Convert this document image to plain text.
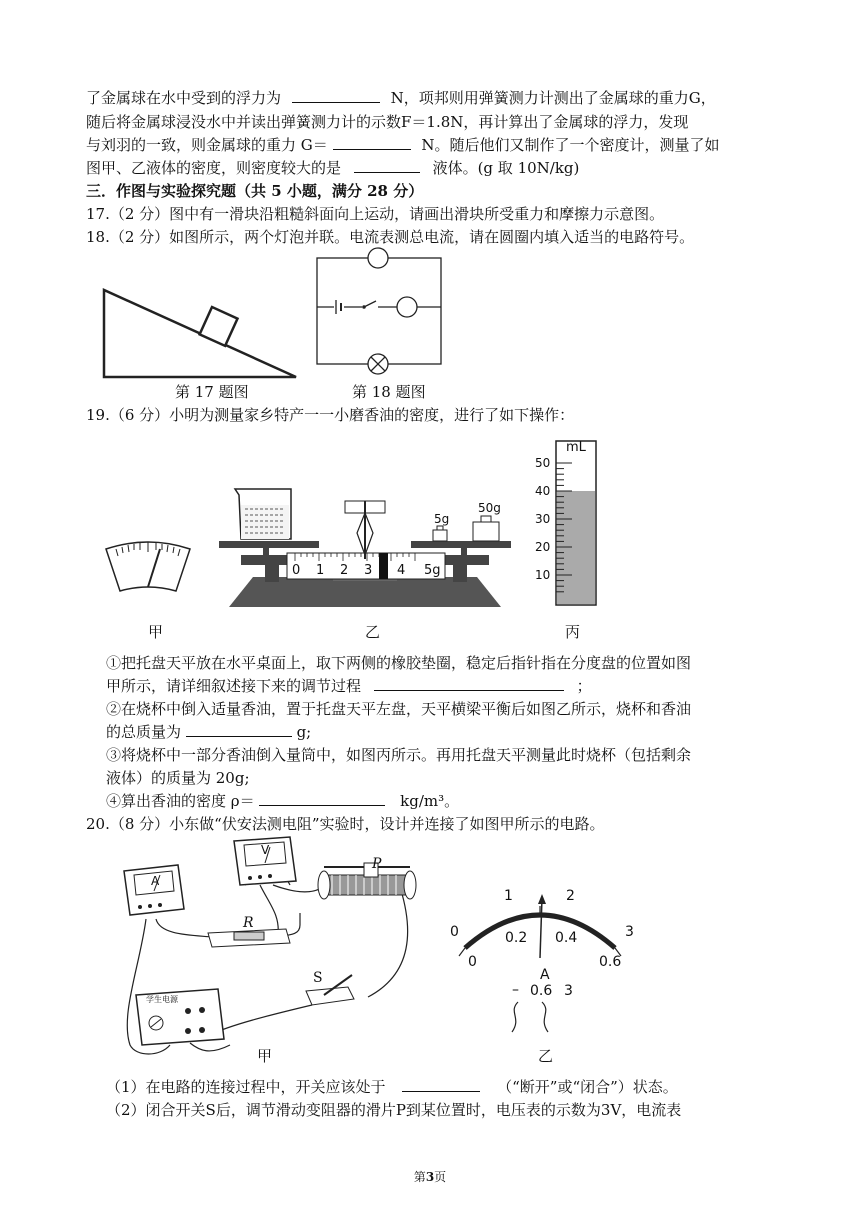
了金属球在水中受到的浮力为	N，项邦则用弹簧测力计测出了金属球的重力G，
随后将金属球浸没水中并读出弹簧测力计的示数F＝1.8N，再计算出了金属球的浮力，发现
与刘羽的一致，则金属球的重力 G＝	N。随后他们又制作了一个密度计，测量了如
图甲、乙液体的密度，则密度较大的是	液体。(g 取 10N/kg)
三．作图与实验探究题（共 5 小题，满分 28 分）
17.（2 分）图中有一滑块沿粗糙斜面向上运动，请画出滑块所受重力和摩擦力示意图。
18.（2 分）如图所示，两个灯泡并联。电流表测总电流，请在圆圈内填入适当的电路符号。
第 17 题图	第 18 题图
19.（6 分）小明为测量家乡特产一一小磨香油的密度，进行了如下操作：
甲
5g
50g
0 1 2 3 4 5g
乙
mL
50
40
30
20
10
丙
①把托盘天平放在水平桌面上，取下两侧的橡胶垫圈，稳定后指针指在分度盘的位置如图
甲所示，请详细叙述接下来的调节过程	；
②在烧杯中倒入适量香油，置于托盘天平左盘，天平横梁平衡后如图乙所示，烧杯和香油
的总质量为	g;
③将烧杯中一部分香油倒入量筒中，如图丙所示。再用托盘天平测量此时烧杯（包括剩余
液体）的质量为 20g;
④算出香油的密度 ρ＝	kg/m³。
20.（8 分）小东做“伏安法测电阻”实验时，设计并连接了如图甲所示的电路。
A
V
P
R
S
学生电源
甲
0
1	2
3
0
0.2 0.4
0.6
A
– 0.6 3
乙
（1）在电路的连接过程中，开关应该处于	（“断开”或“闭合”）状态。
（2）闭合开关S后，调节滑动变阻器的滑片P到某位置时，电压表的示数为3V，电流表
第3页
